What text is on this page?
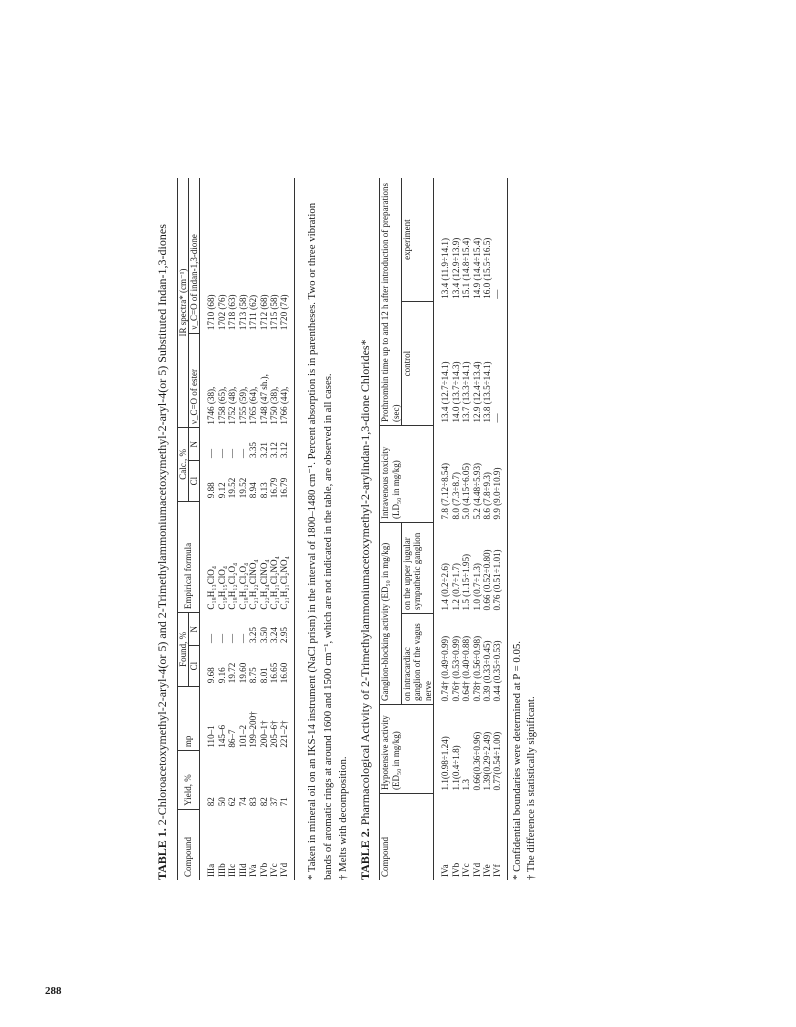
288
TABLE 1. 2-Chloroacetoxymethyl-2-aryl-4(or 5) and 2-Trimethylammoniumacetoxymethyl-2-aryl-4(or 5) Substituted Indan-1,3-diones
Compound	Yield, %	mp	Found, %		Empirical formula	Calc., %		IR spectra* (cm⁻¹)	
			Cl	N		Cl	N	ν_C=O of ester	ν_C=O of indan-1,3-dione
IIIa	82	110–1	9.68	—	C₁₈H₁₃ClO₄	9.88	—	1746 (38),	1710 (68)
IIIb	50	145–6	9.16	—	C₁₉H₁₅ClO₄	9.12	—	1758 (65),	1702 (76)
IIIc	62	86–7	19.72	—	C₁₈H₁₂Cl₂O₄	19.52	—	1752 (48),	1718 (63)
IIId	74	101–2	19.60	—	C₁₈H₁₂Cl₂O₄	19.52	—	1755 (59),	1713 (58)
IVa	83	199–200†	8.75	3.25	C₂₁H₂₂ClNO₄	8.94	3.35	1765 (64),	1711 (62)
IVb	82	200–1†	8.01	3.50	C₂₂H₂₄ClNO₄	8.13	3.21	1748 (47 sh.),	1712 (68)
IVc	37	205–6†	16.65	3.24	C₂₁H₂₁Cl₂NO₄	16.79	3.12	1750 (38),	1715 (58)
IVd	71	221–2†	16.60	2.95	C₂₁H₂₁Cl₂NO₄	16.79	3.12	1766 (44),	1720 (74) * Taken in mineral oil on an IKS-14 instrument (NaCl prism) in the interval of 1800–1480 cm⁻¹. Percent absorption is in parentheses. Two or three vibration bands of aromatic rings at around 1600 and 1500 cm⁻¹, which are not indicated in the table, are observed in all cases. † Melts with decomposition. TABLE 2. Pharmacological Activity of 2-Trimethylammoniumacetoxymethyl-2-arylindan-1,3-dione Chlorides*
Compound	Hypotensive activity (ED₅₀ in mg/kg)	Ganglion-blocking activity (ED₅₀ in mg/kg)		Intravenous toxicity (LD₅₀ in mg/kg)	Prothrombin time up to and 12 h after introduction of preparations (sec)	
		on intracardiac ganglion of the vagus nerve	on the upper jugular sympathetic ganglion		control	experiment
IVa	1.1(0.98÷1.24)	0.74† (0.49÷0.99)	1.4 (0.2÷2.6)	7.8 (7.12÷8.54)	13.4 (12.7÷14.1)	13.4 (11.9÷14.1)
IVb	1.1(0.4÷1.8)	0.76† (0.53÷0.99)	1.2 (0.7÷1.7)	8.0 (7.3÷8.7)	14.0 (13.7÷14.3)	13.4 (12.9÷13.9)
IVc	1.3	0.64† (0.40÷0.88)	1.5 (1.15÷1.95)	5.0 (4.15÷6.05)	13.7 (13.3÷14.1)	15.1 (14.8÷15.4)
IVd	0.66(0.36÷0.96)	0.78† (0.56÷0.98)	1.0 (0.7÷1.3)	5.2 (4.48÷5.93)	12.9 (12.4÷13.4)	14.9 (14.4÷15.4)
IVe	1.39(0.29÷2.49)	0.39 (0.33÷0.45)	0.66 (0.52÷0.80)	8.6 (7.8÷9.3)	13.8 (13.5÷14.1)	16.0 (15.5÷16.5)
IVf	0.77(0.54÷1.00)	0.44 (0.35÷0.53)	0.76 (0.51÷1.01)	9.9 (9.0÷10.9)	—	—

* Confidential boundaries were determined at P = 0.05. † The difference is statistically significant.
